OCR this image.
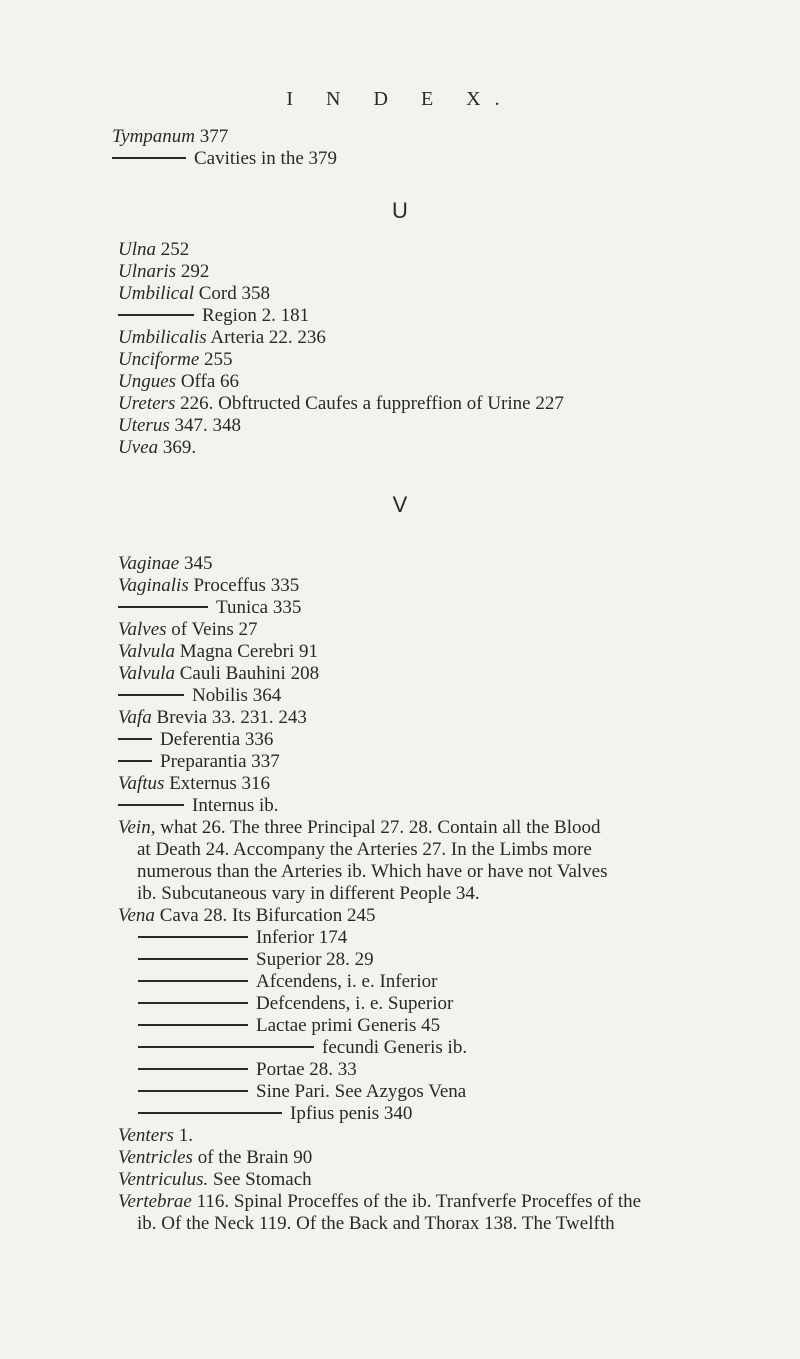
I N D E X.
Tympanum 377
Cavities in the 379
U
Ulna 252
Ulnaris 292
Umbilical Cord 358
Region 2. 181
Umbilicalis Arteria 22. 236
Unciforme 255
Ungues Offa 66
Ureters 226. Obftructed Caufes a fuppreffion of Urine 227
Uterus 347. 348
Uvea 369.
V
Vaginae 345
Vaginalis Proceffus 335
Tunica 335
Valves of Veins 27
Valvula Magna Cerebri 91
Valvula Cauli Bauhini 208
Nobilis 364
Vafa Brevia 33. 231. 243
Deferentia 336
Preparantia 337
Vaftus Externus 316
Internus ib.
Vein, what 26. The three Principal 27. 28. Contain all the Blood
at Death 24. Accompany the Arteries 27. In the Limbs more
numerous than the Arteries ib. Which have or have not Valves
ib. Subcutaneous vary in different People 34.
Vena Cava 28. Its Bifurcation 245
Inferior 174
Superior 28. 29
Afcendens, i. e. Inferior
Defcendens, i. e. Superior
Lactae primi Generis 45
fecundi Generis ib.
Portae 28. 33
Sine Pari. See Azygos Vena
Ipfius penis 340
Venters 1.
Ventricles of the Brain 90
Ventriculus. See Stomach
Vertebrae 116. Spinal Proceffes of the ib. Tranfverfe Proceffes of the
ib. Of the Neck 119. Of the Back and Thorax 138. The Twelfth
